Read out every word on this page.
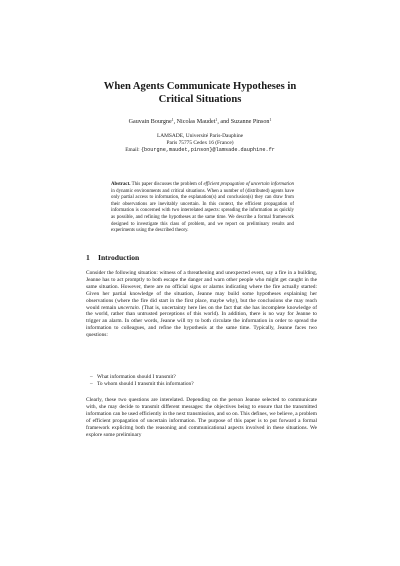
When Agents Communicate Hypotheses in
Critical Situations
Gauvain Bourgne$^1$, Nicolas Maudet$^1$, and Suzanne Pinson$^1$
LAMSADE, Université Paris-Dauphine
Paris 75775 Cedex 16 (France)
Email: {bourgne,maudet,pinson}@lamsade.dauphine.fr
Abstract. This paper discusses the problem of efficient propagation of uncertain information in dynamic environments and critical situations. When a number of (distributed) agents have only partial access to information, the explanation(s) and conclusion(s) they can draw from their observations are inevitably uncertain. In this context, the efficient propagation of information is concerned with two interrelated aspects: spreading the information as quickly as possible, and refining the hypotheses at the same time. We describe a formal framework designed to investigate this class of problem, and we report on preliminary results and experiments using the described theory.
1 Introduction
Consider the following situation: witness of a threathening and unexpected event, say a fire in a building, Jeanne has to act promptly to both escape the danger and warn other people who might get caught in the same situation. However, there are no official signs or alarms indicating where the fire actually started: Given her partial knowledge of the situation, Jeanne may build some hypotheses explaining her observations (where the fire did start in the first place, maybe why), but the conclusions she may reach would remain uncertain. (That is, uncertainty here lies on the fact that she has incomplete knowledge of the world, rather than untrusted perceptions of this world). In addition, there is no way for Jeanne to trigger an alarm. In other words, Jeanne will try to both circulate the information in order to spread the information to colleagues, and refine the hypothesis at the same time. Typically, Jeanne faces two questions:
– What information should I transmit?
– To whom should I transmit this information?
Clearly, these two questions are interelated. Depending on the person Jeanne selected to communicate with, she may decide to transmit different messages: the objectives being to ensure that the transmitted information can be used efficiently in the next transmission, and so on. This defines, we believe, a problem of efficient propagation of uncertain information. The purpose of this paper is to put forward a formal framework explicitng both the reasoning and communicational aspects involved in these situations. We explore some preliminary
